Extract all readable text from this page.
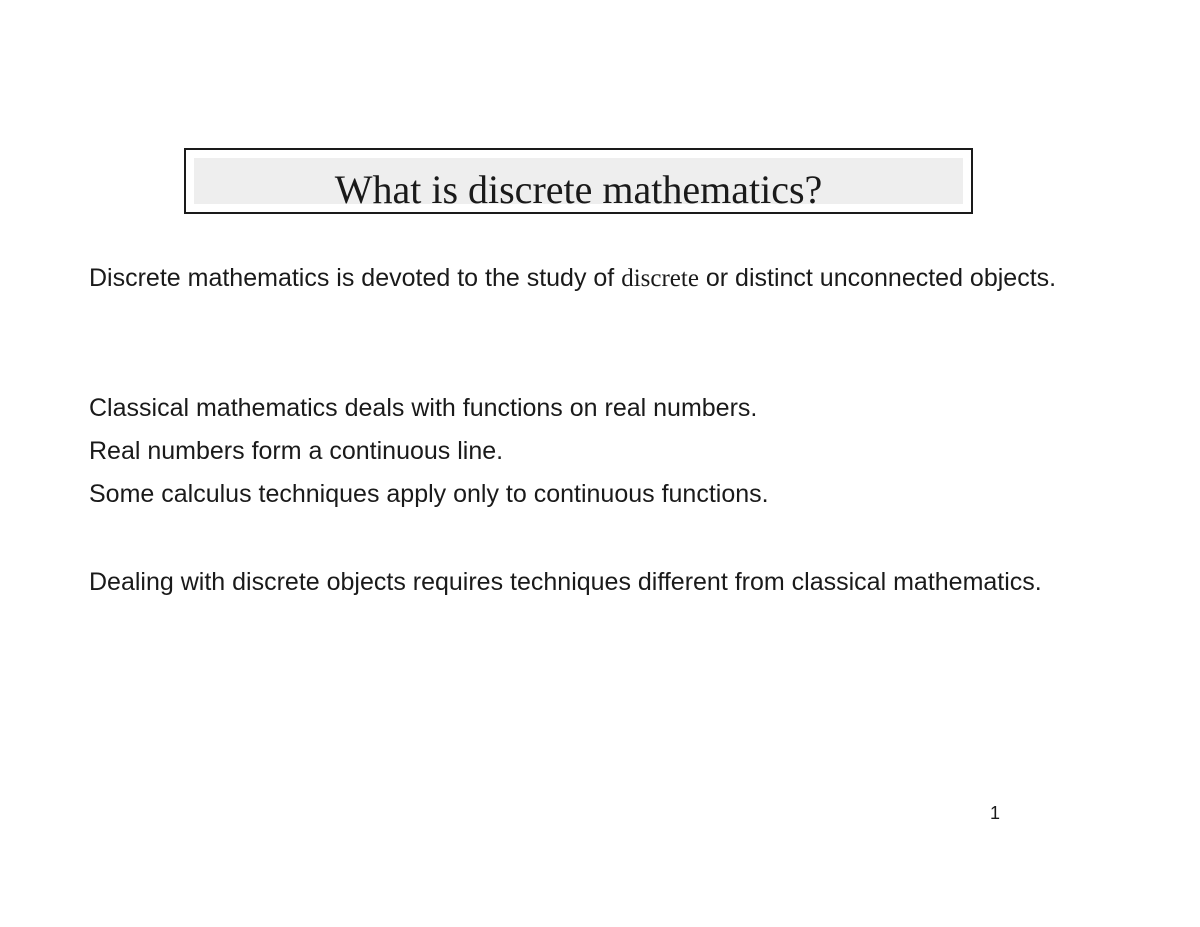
What is discrete mathematics?
Discrete mathematics is devoted to the study of discrete or distinct unconnected objects.
Classical mathematics deals with functions on real numbers.
Real numbers form a continuous line.
Some calculus techniques apply only to continuous functions.
Dealing with discrete objects requires techniques different from classical mathematics.
1
